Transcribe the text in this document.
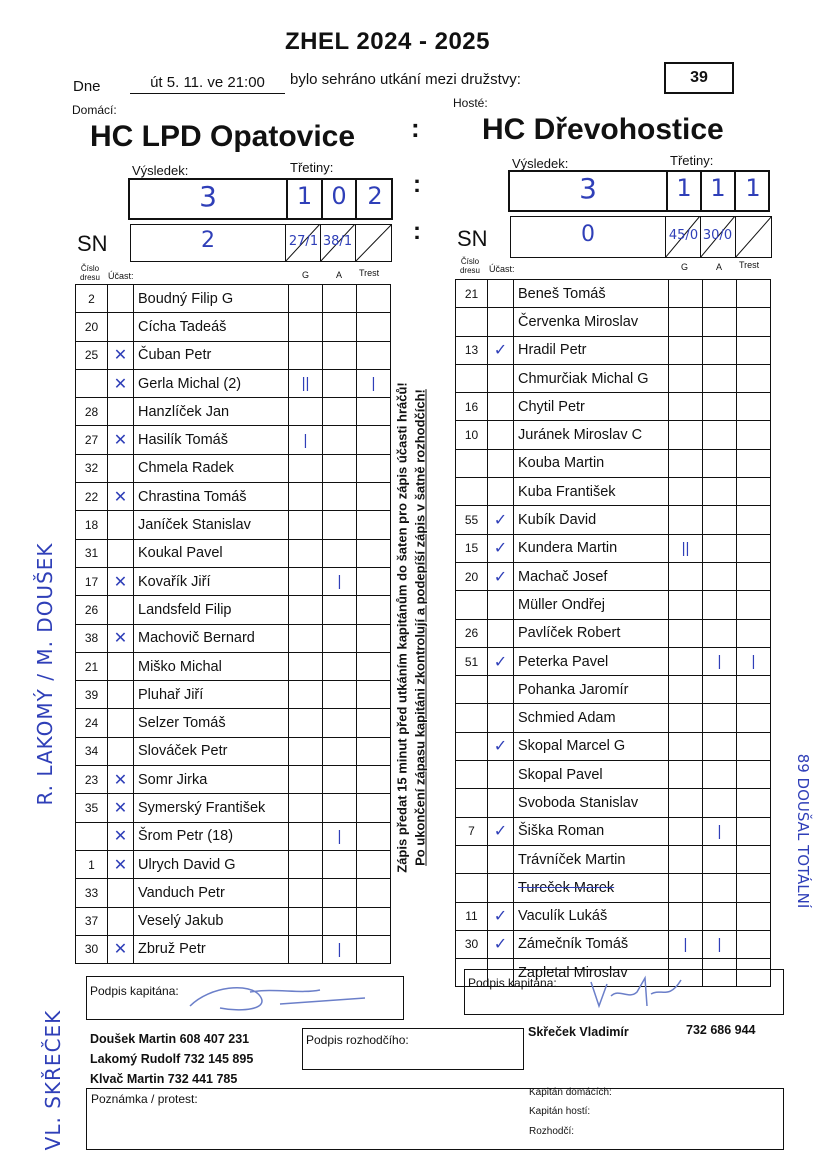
ZHEL 2024 - 2025
Dne	út 5. 11. ve 21:00	bylo sehráno utkání mezi družstvy:	39
Domácí:	Hosté:
HC LPD Opatovice : HC Dřevohostice
Výsledek:	Třetiny:
3	1 0 2
SN	2	27/1 38/1
Číslo dresu Účast:	G	A Trest
2		Boudný Filip G			
20		Cícha Tadeáš			
25	✕	Čuban Petr			
	✕	Gerla Michal (2)	||		|
28		Hanzlíček Jan			
27	✕	Hasilík Tomáš	|		
32		Chmela Radek			
22	✕	Chrastina Tomáš			
18		Janíček Stanislav			
31		Koukal Pavel			
17	✕	Kovařík Jiří		|	
26		Landsfeld Filip			
38	✕	Machovič Bernard			
21		Miško Michal			
39		Pluhař Jiří			
24		Selzer Tomáš			
34		Slováček Petr			
23	✕	Somr Jirka			
35	✕	Symerský František			
	✕	Šrom Petr (18)		|	
1	✕	Ulrych David G			
33		Vanduch Petr			
37		Veselý Jakub			
30	✕	Zbruž Petr		|	
:
:
Zápis předat 15 minut před utkáním kapitánům do šaten pro zápis účasti hráčů! Po ukončení zápasu kapitáni zkontrolují a podepíší zápis v šatně rozhodčích!
Výsledek:	Třetiny:
3	1 1 1
SN	0	45/0 30/0
Číslo dresu	Účast:	G	A Trest
21		Beneš Tomáš			
		Červenka Miroslav			
13	✓	Hradil Petr			
		Chmurčiak Michal G			
16		Chytil Petr			
10		Juránek Miroslav C			
		Kouba Martin			
		Kuba František			
55	✓	Kubík David			
15	✓	Kundera Martin	||		
20	✓	Machač Josef			
		Müller Ondřej			
26		Pavlíček Robert			
51	✓	Peterka Pavel		|	|
		Pohanka Jaromír			
		Schmied Adam			
	✓	Skopal Marcel G			
		Skopal Pavel			
		Svoboda Stanislav			
7	✓	Šiška Roman		|	
		Trávníček Martin			
		Tureček Marek			
11	✓	Vaculík Lukáš			
30	✓	Zámečník Tomáš	|	|	
		Zapletal Miroslav			
Podpis kapitána:
Podpis kapitána:
Doušek Martin 608 407 231
Lakomý Rudolf 732 145 895
Klvač Martin 732 441 785
Podpis rozhodčího:
Skřeček Vladimír	732 686 944
Poznámka / protest:	Kapitán domácích:
Kapitán hostí:
Rozhodčí:
R. LAKOMÝ / M. DOUŠEK
VL. SKŘEČEK
89 DOUŠAL TOTÁLNÍ
